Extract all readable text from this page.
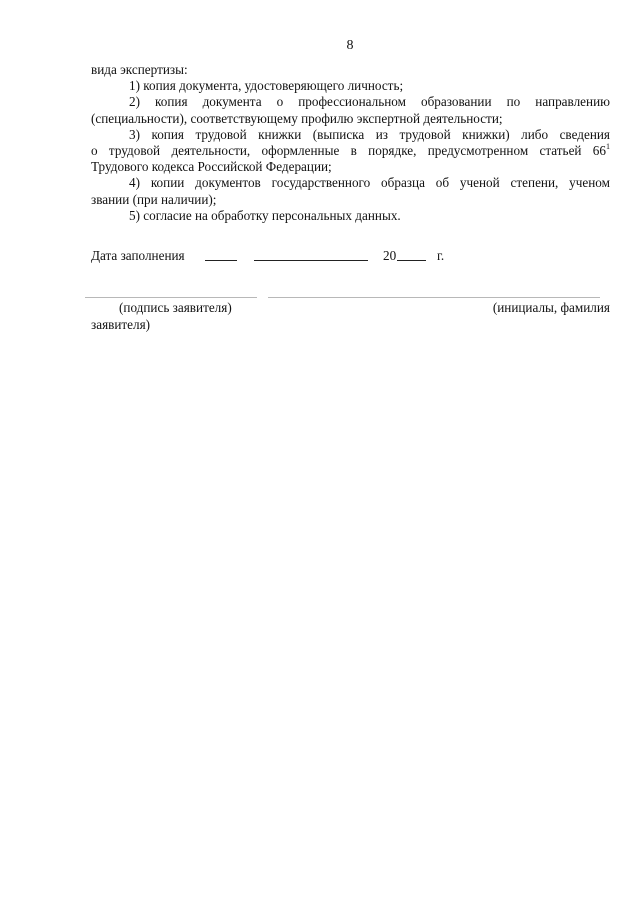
8

вида экспертизы:

1) копия документа, удостоверяющего личность;

2) копия документа о профессиональном образовании по направлению

(специальности), соответствующему профилю экспертной деятельности;

3) копия трудовой книжки (выписка из трудовой книжки) либо сведения

о трудовой деятельности, оформленные в порядке, предусмотренном статьей $66^1$

Трудового кодекса Российской Федерации;

4) копии документов государственного образца об ученой степени, ученом

звании (при наличии);

5) согласие на обработку персональных данных.

Дата заполнения	20	г.
(подпись заявителя)	(инициалы, фамилия
заявителя)
